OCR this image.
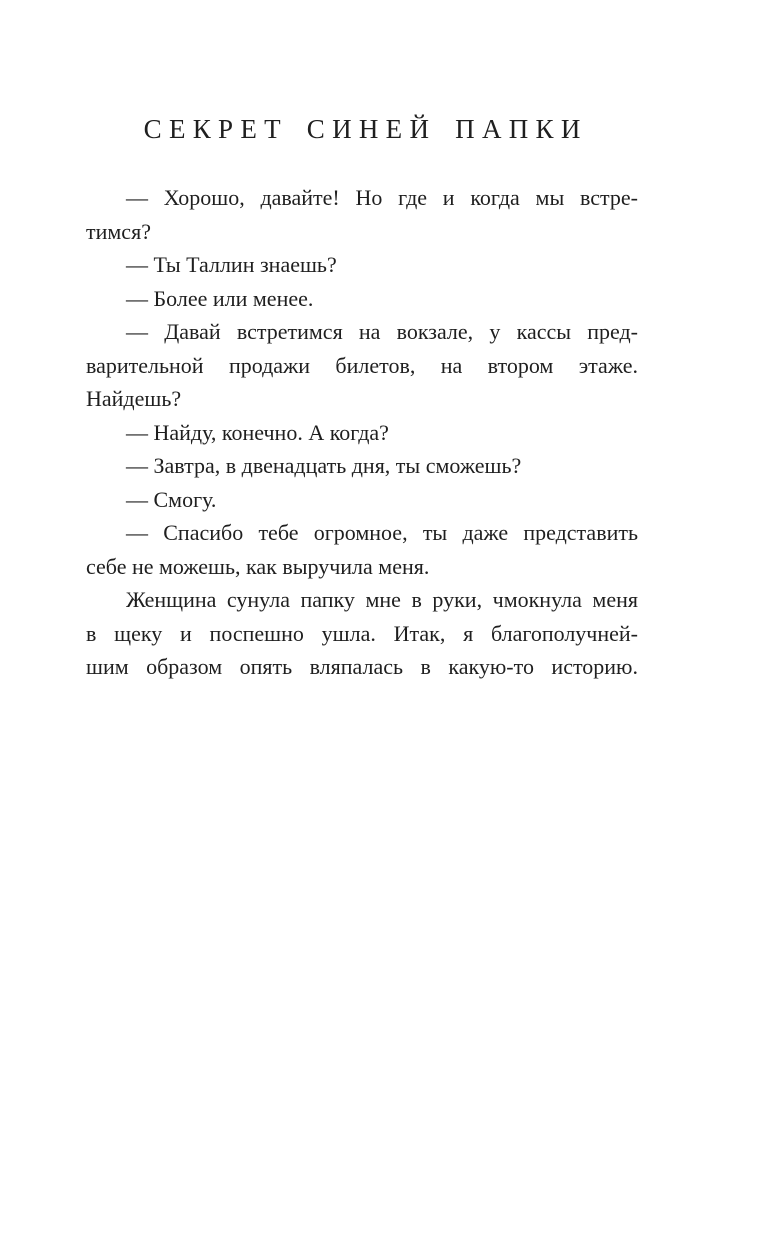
СЕКРЕТ СИНЕЙ ПАПКИ
— Хорошо, давайте! Но где и когда мы встре-
тимся?
— Ты Таллин знаешь?
— Более или менее.
— Давай встретимся на вокзале, у кассы пред-
варительной продажи билетов, на втором этаже.
Найдешь?
— Найду, конечно. А когда?
— Завтра, в двенадцать дня, ты сможешь?
— Смогу.
— Спасибо тебе огромное, ты даже представить
себе не можешь, как выручила меня.
Женщина сунула папку мне в руки, чмокнула меня
в щеку и поспешно ушла. Итак, я благополучней-
шим образом опять вляпалась в какую-то историю.
